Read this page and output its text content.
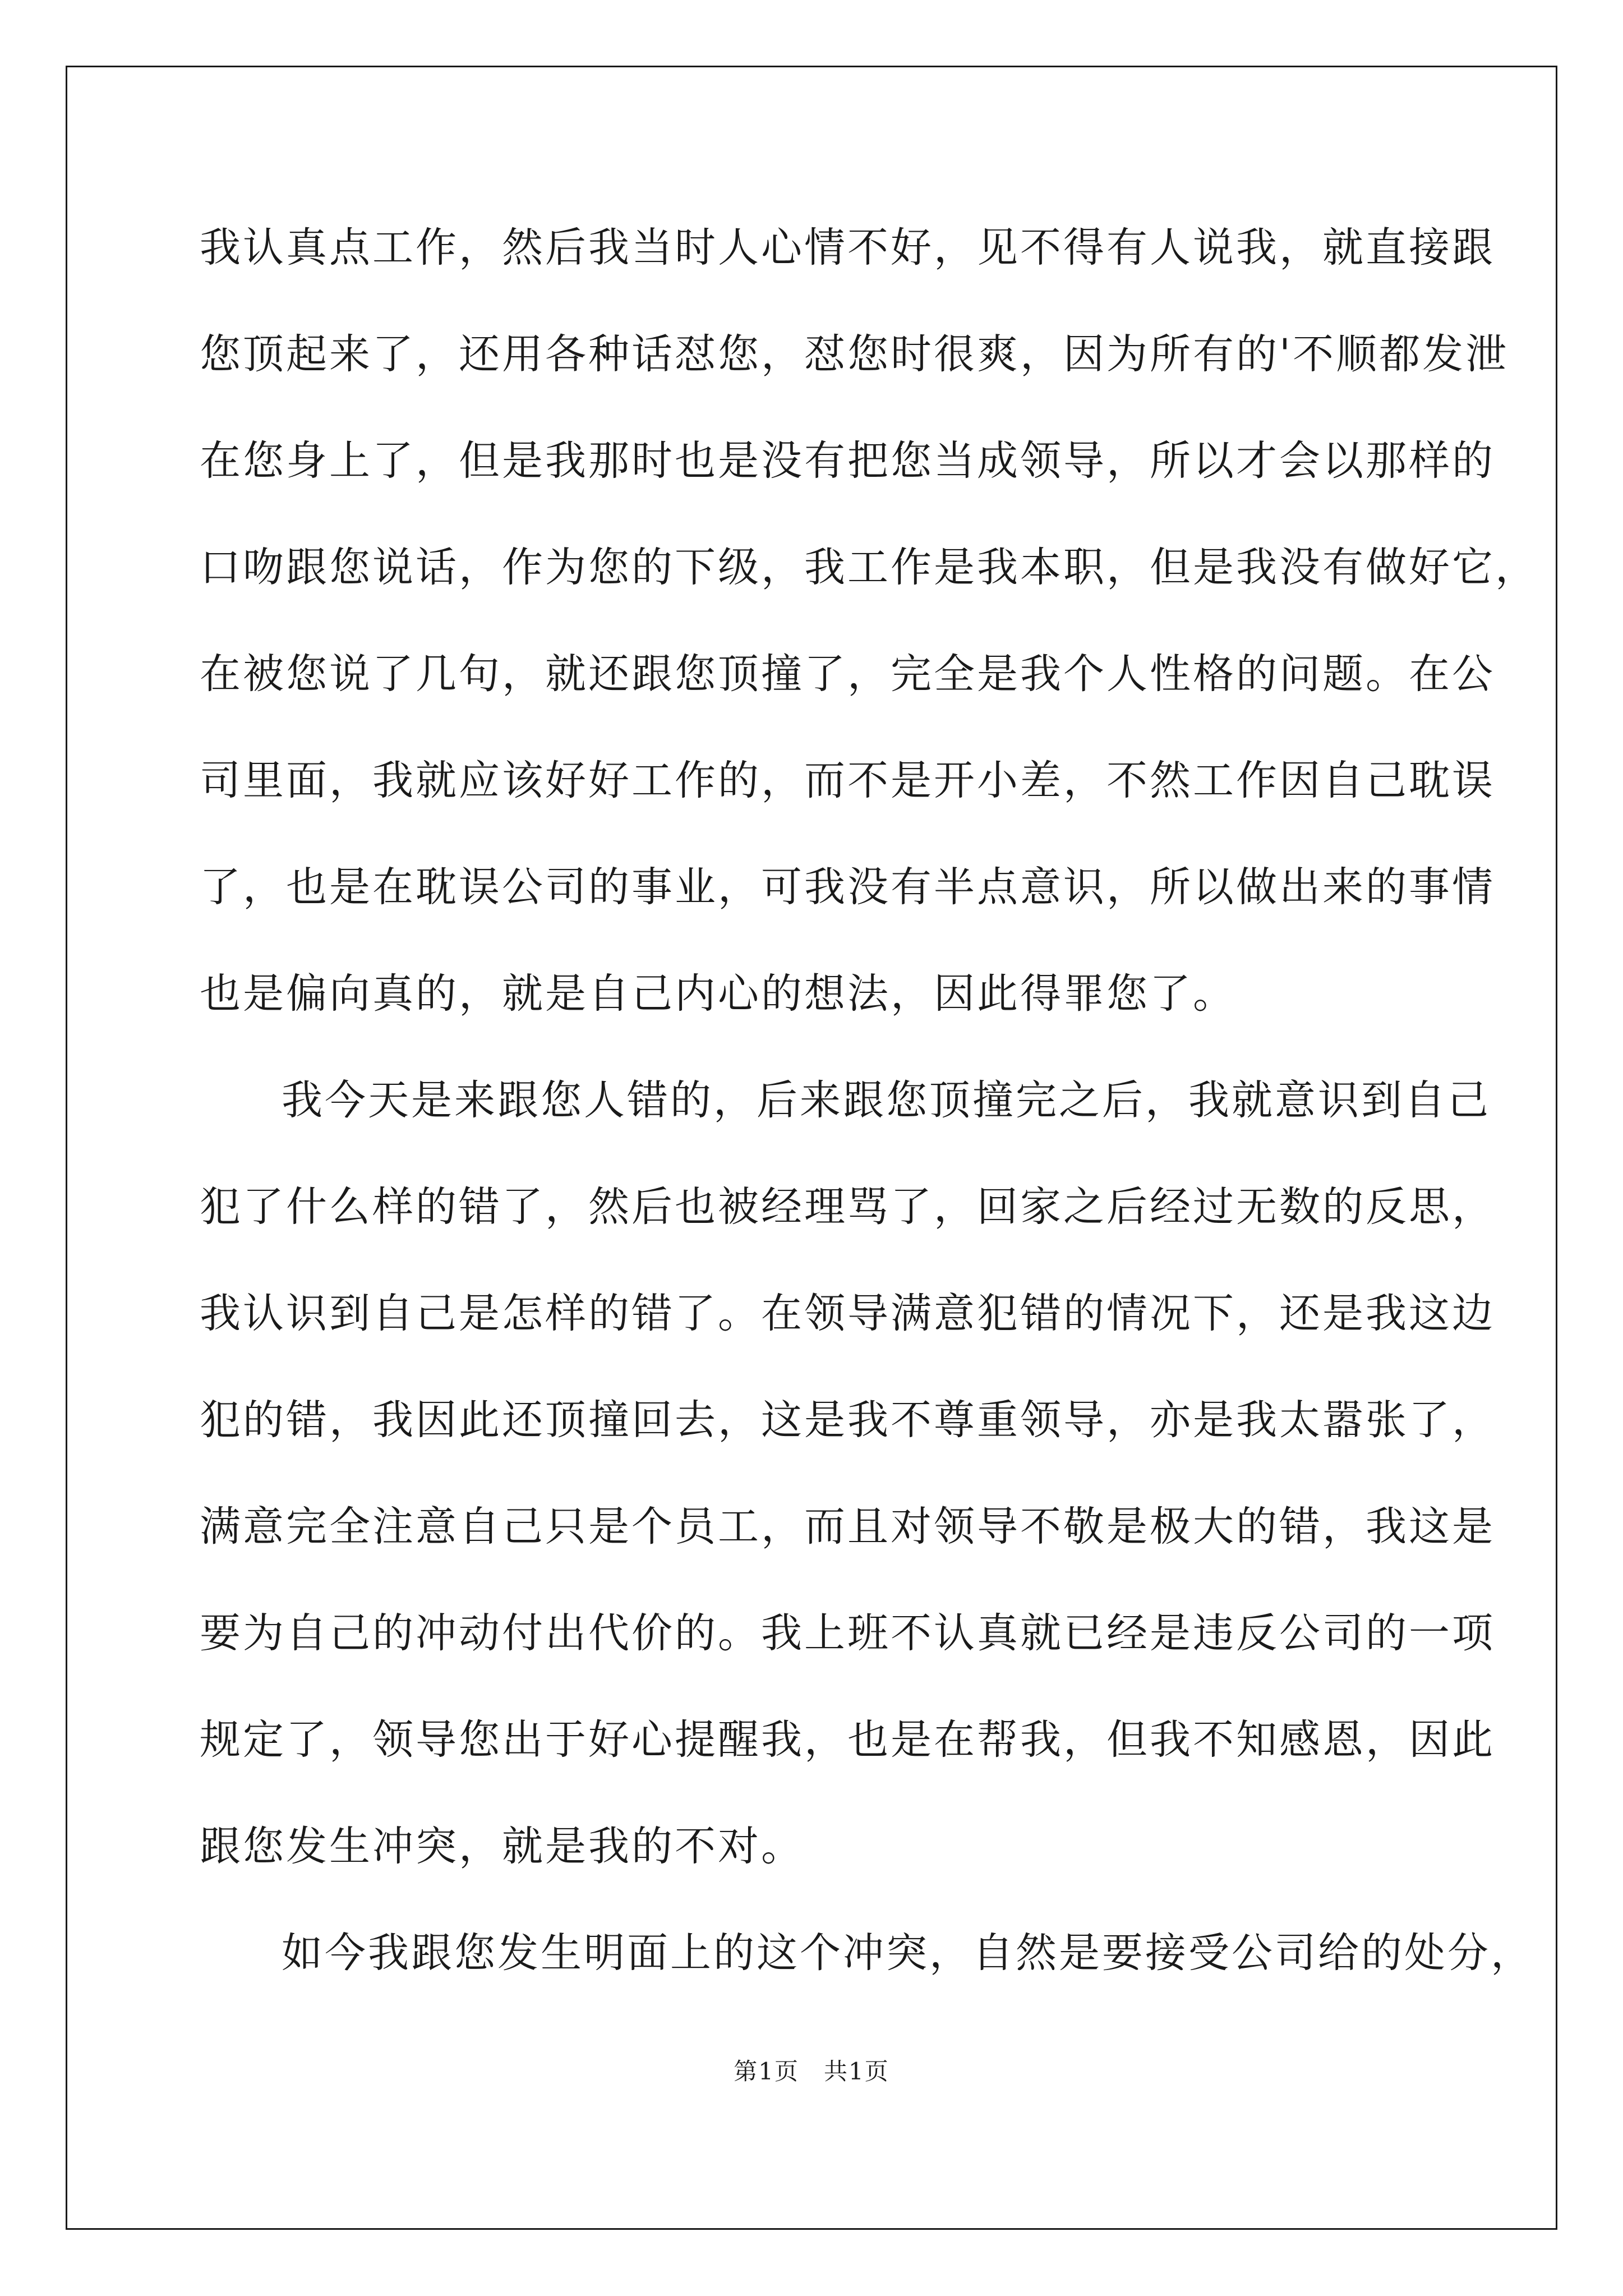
我认真点工作，然后我当时人心情不好，见不得有人说我，就直接跟
您顶起来了，还用各种话怼您，怼您时很爽，因为所有的'不顺都发泄
在您身上了，但是我那时也是没有把您当成领导，所以才会以那样的
口吻跟您说话，作为您的下级，我工作是我本职，但是我没有做好它，
在被您说了几句，就还跟您顶撞了，完全是我个人性格的问题。在公
司里面，我就应该好好工作的，而不是开小差，不然工作因自己耽误
了，也是在耽误公司的事业，可我没有半点意识，所以做出来的事情
也是偏向真的，就是自己内心的想法，因此得罪您了。
我今天是来跟您人错的，后来跟您顶撞完之后，我就意识到自己
犯了什么样的错了，然后也被经理骂了，回家之后经过无数的反思，
我认识到自己是怎样的错了。在领导满意犯错的情况下，还是我这边
犯的错，我因此还顶撞回去，这是我不尊重领导，亦是我太嚣张了，
满意完全注意自己只是个员工，而且对领导不敬是极大的错，我这是
要为自己的冲动付出代价的。我上班不认真就已经是违反公司的一项
规定了，领导您出于好心提醒我，也是在帮我，但我不知感恩，因此
跟您发生冲突，就是我的不对。
如今我跟您发生明面上的这个冲突，自然是要接受公司给的处分，
第1页　共1页
